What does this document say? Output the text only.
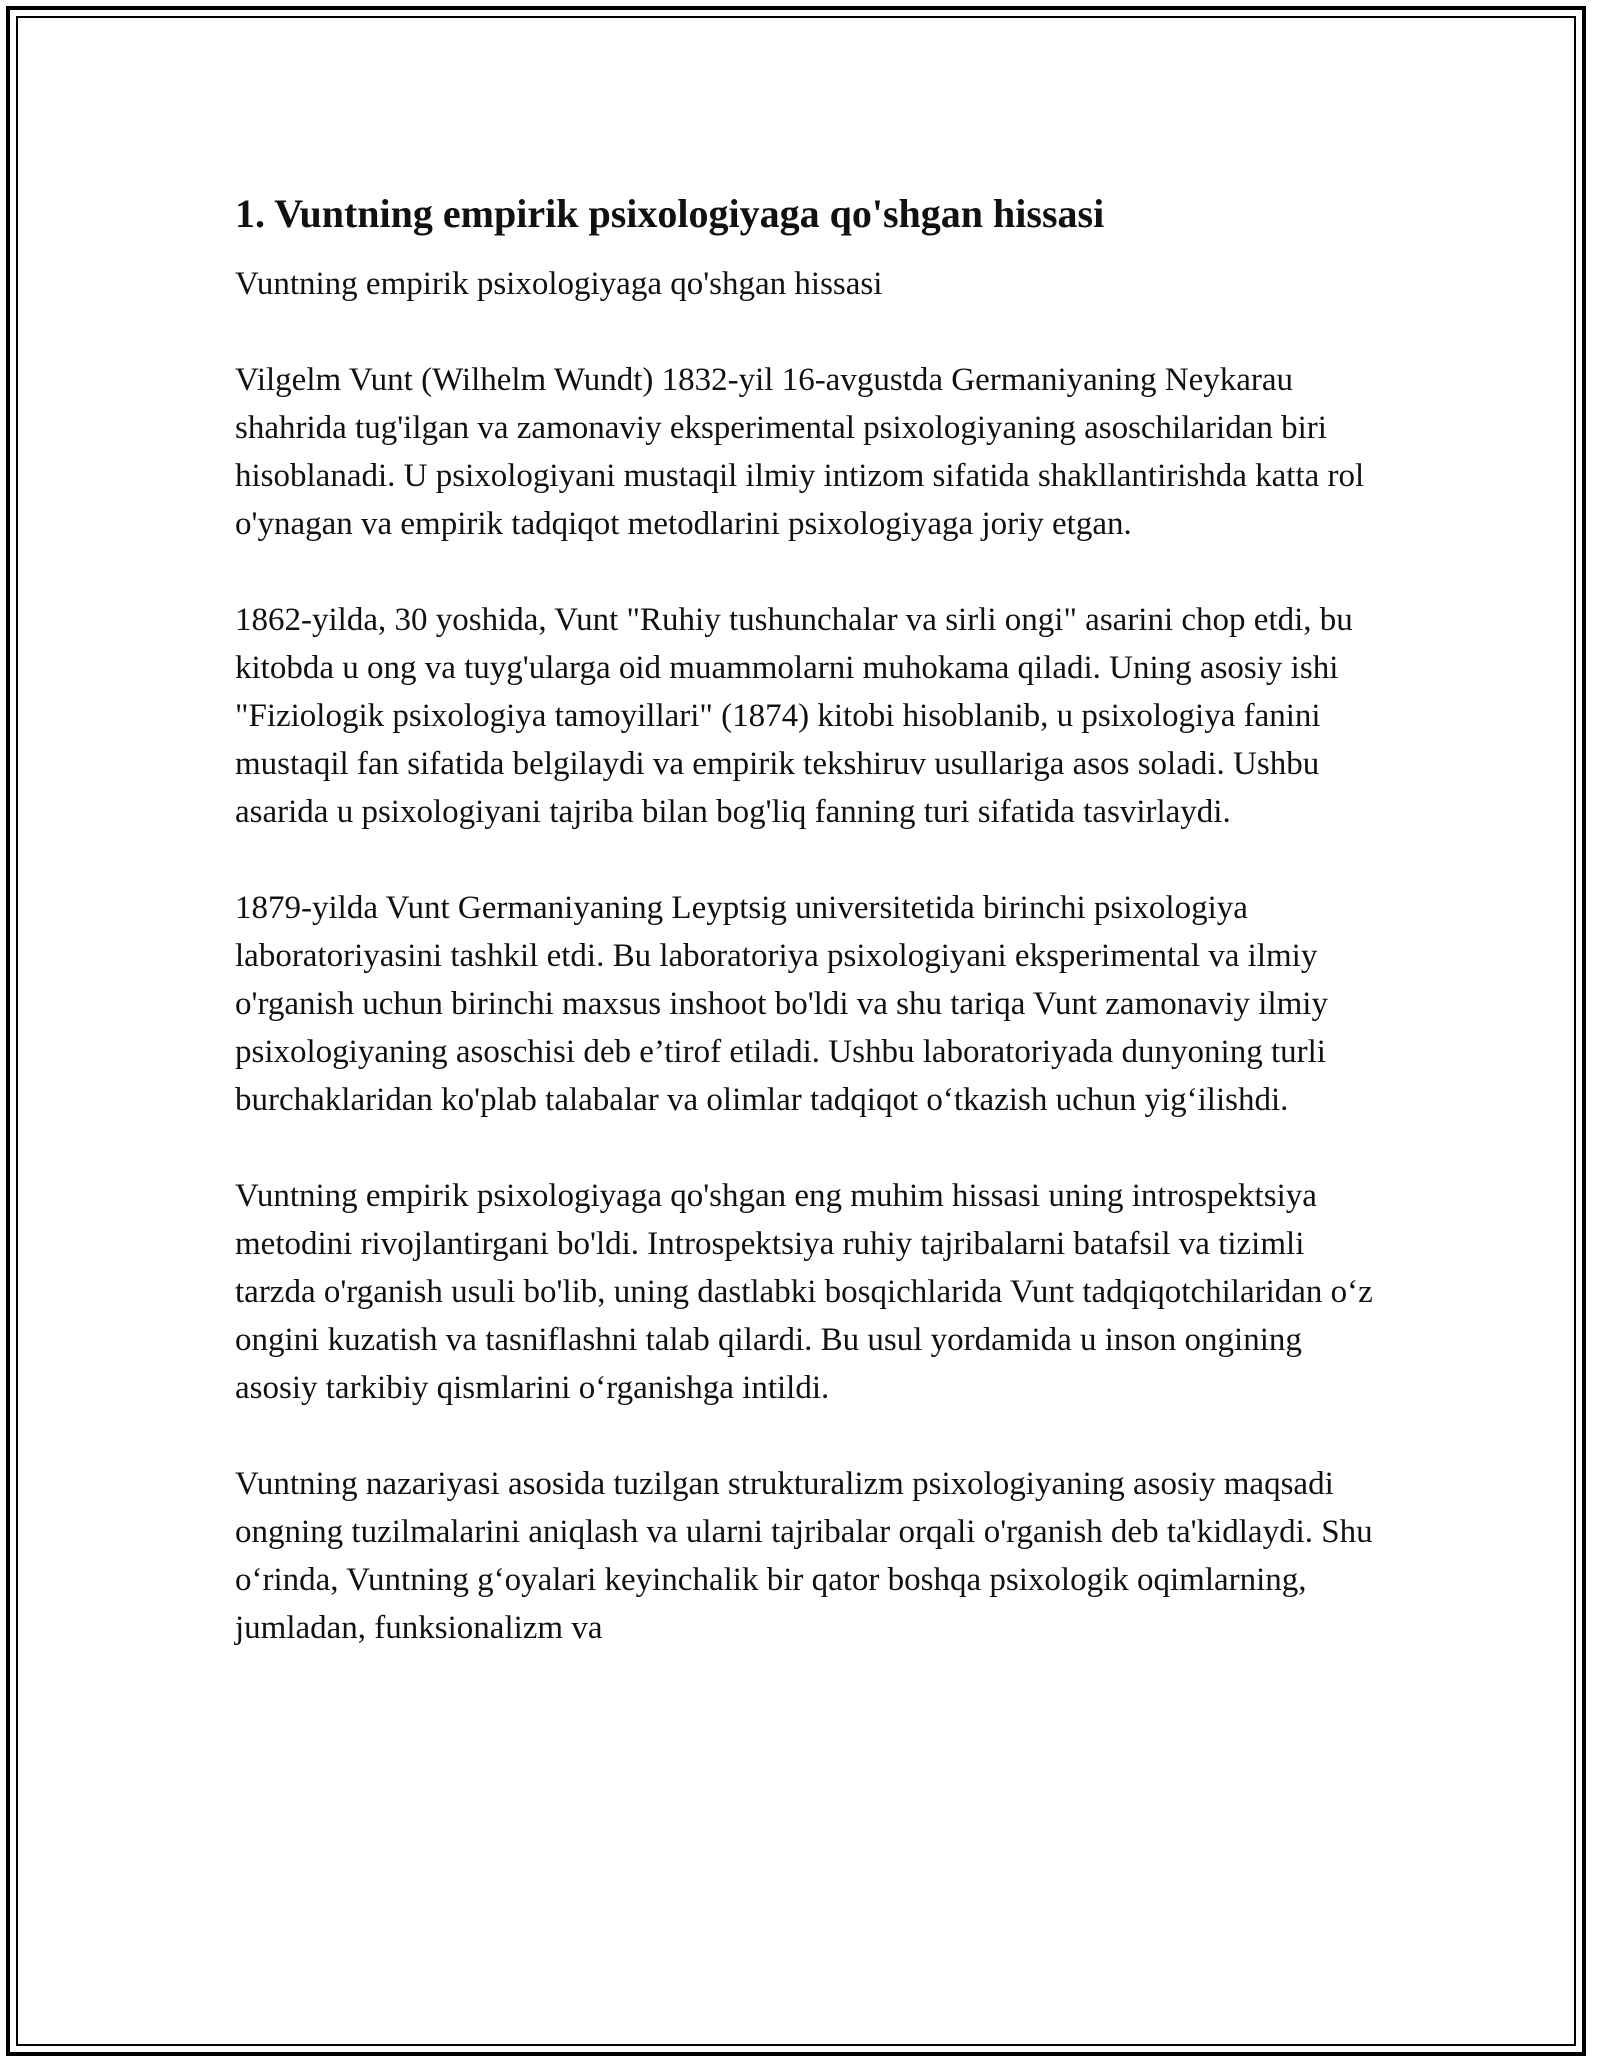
1. Vuntning empirik psixologiyaga qo'shgan hissasi

Vuntning empirik psixologiyaga qo'shgan hissasi

Vilgelm Vunt (Wilhelm Wundt) 1832-yil 16-avgustda Germaniyaning Neykarau shahrida tug'ilgan va zamonaviy eksperimental psixologiyaning asoschilaridan biri hisoblanadi. U psixologiyani mustaqil ilmiy intizom sifatida shakllantirishda katta rol o'ynagan va empirik tadqiqot metodlarini psixologiyaga joriy etgan.

1862-yilda, 30 yoshida, Vunt "Ruhiy tushunchalar va sirli ongi" asarini chop etdi, bu kitobda u ong va tuyg'ularga oid muammolarni muhokama qiladi. Uning asosiy ishi "Fiziologik psixologiya tamoyillari" (1874) kitobi hisoblanib, u psixologiya fanini mustaqil fan sifatida belgilaydi va empirik tekshiruv usullariga asos soladi. Ushbu asarida u psixologiyani tajriba bilan bog'liq fanning turi sifatida tasvirlaydi.

1879-yilda Vunt Germaniyaning Leyptsig universitetida birinchi psixologiya laboratoriyasini tashkil etdi. Bu laboratoriya psixologiyani eksperimental va ilmiy o'rganish uchun birinchi maxsus inshoot bo'ldi va shu tariqa Vunt zamonaviy ilmiy psixologiyaning asoschisi deb e’tirof etiladi. Ushbu laboratoriyada dunyoning turli burchaklaridan ko'plab talabalar va olimlar tadqiqot o‘tkazish uchun yig‘ilishdi.

Vuntning empirik psixologiyaga qo'shgan eng muhim hissasi uning introspektsiya metodini rivojlantirgani bo'ldi. Introspektsiya ruhiy tajribalarni batafsil va tizimli tarzda o'rganish usuli bo'lib, uning dastlabki bosqichlarida Vunt tadqiqotchilaridan o‘z ongini kuzatish va tasniflashni talab qilardi. Bu usul yordamida u inson ongining asosiy tarkibiy qismlarini o‘rganishga intildi.

Vuntning nazariyasi asosida tuzilgan strukturalizm psixologiyaning asosiy maqsadi ongning tuzilmalarini aniqlash va ularni tajribalar orqali o'rganish deb ta'kidlaydi. Shu o‘rinda, Vuntning g‘oyalari keyinchalik bir qator boshqa psixologik oqimlarning, jumladan, funksionalizm va
